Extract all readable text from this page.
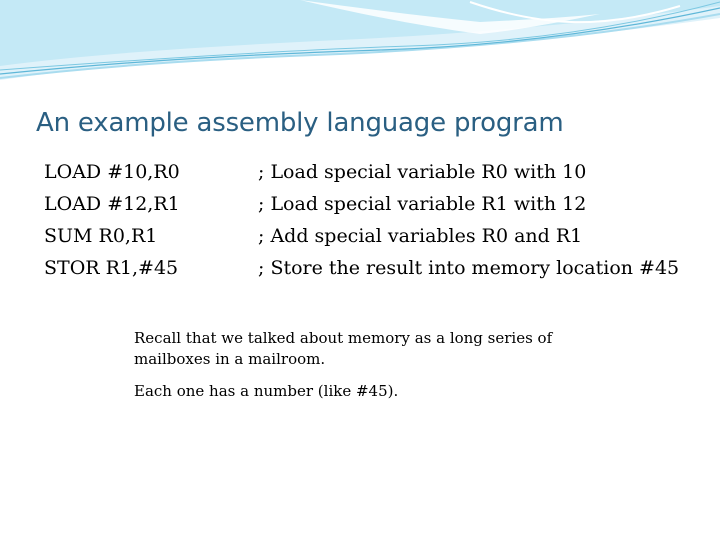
An example assembly language program
LOAD #10,R0
LOAD #12,R1
SUM R0,R1
STOR R1,#45
; Load special variable R0 with 10
; Load special variable R1 with 12
; Add special variables R0 and R1
; Store the result into memory location #45

Recall that we talked about memory as a long series of mailboxes in a mailroom.

Each one has a number (like #45).
